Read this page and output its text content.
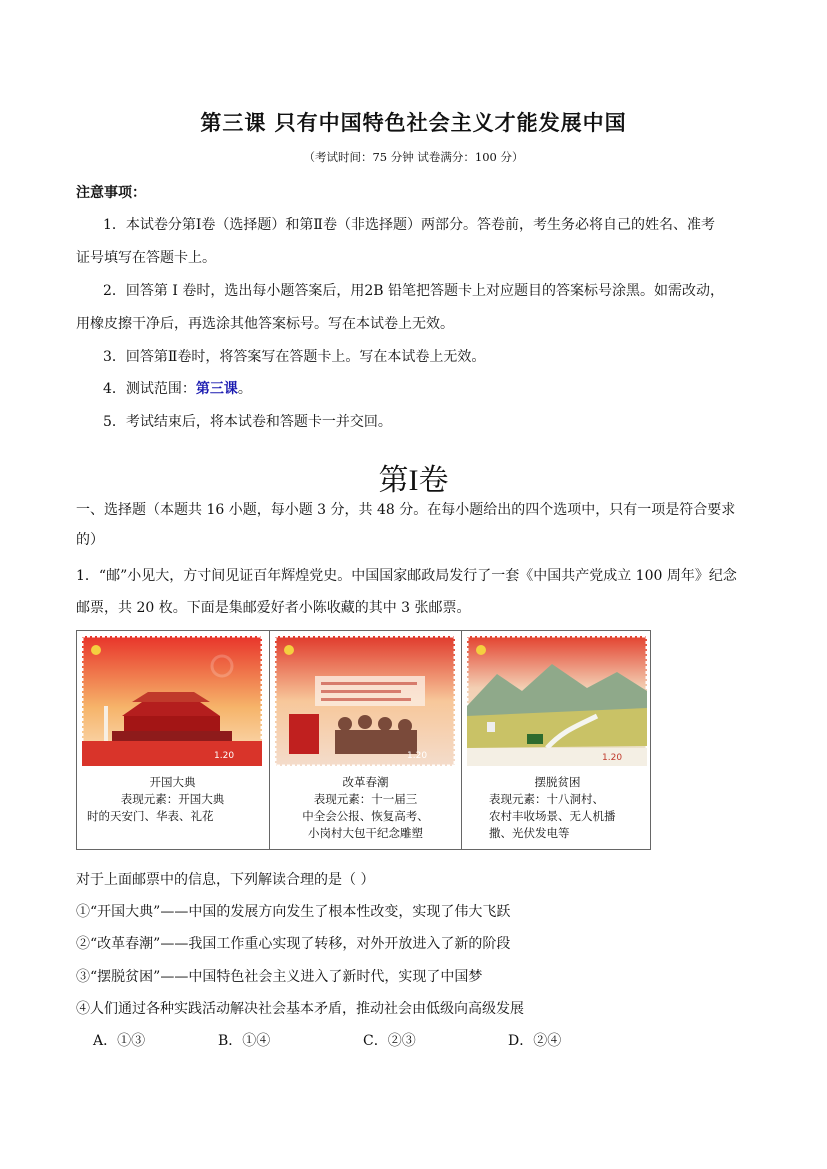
第三课 只有中国特色社会主义才能发展中国
（考试时间：75 分钟 试卷满分：100 分）
注意事项：
1．本试卷分第Ⅰ卷（选择题）和第Ⅱ卷（非选择题）两部分。答卷前，考生务必将自己的姓名、准考
证号填写在答题卡上。
2．回答第 Ⅰ 卷时，选出每小题答案后，用2B 铅笔把答题卡上对应题目的答案标号涂黑。如需改动，
用橡皮擦干净后，再选涂其他答案标号。写在本试卷上无效。
3．回答第Ⅱ卷时，将答案写在答题卡上。写在本试卷上无效。
4．测试范围：第三课。
5．考试结束后，将本试卷和答题卡一并交回。
第I卷
一、选择题（本题共 16 小题，每小题 3 分，共 48 分。在每小题给出的四个选项中，只有一项是符合要求
的）
1．“邮”小见大，方寸间见证百年辉煌党史。中国国家邮政局发行了一套《中国共产党成立 100 周年》纪念
邮票，共 20 枚。下面是集邮爱好者小陈收藏的其中 3 张邮票。
1.20
开国大典
表现元素：开国大典
时的天安门、华表、礼花
1.20
改革春潮
表现元素：十一届三
中全会公报、恢复高考、
小岗村大包干纪念雕塑
1.20
摆脱贫困
表现元素：十八洞村、
农村丰收场景、无人机播
撒、光伏发电等
对于上面邮票中的信息，下列解读合理的是（ ）
①“开国大典”——中国的发展方向发生了根本性改变，实现了伟大飞跃
②“改革春潮”——我国工作重心实现了转移，对外开放进入了新的阶段
③“摆脱贫困”——中国特色社会主义进入了新时代，实现了中国梦
④人们通过各种实践活动解决社会基本矛盾，推动社会由低级向高级发展
A．①③	B．①④	C．②③	D．②④
